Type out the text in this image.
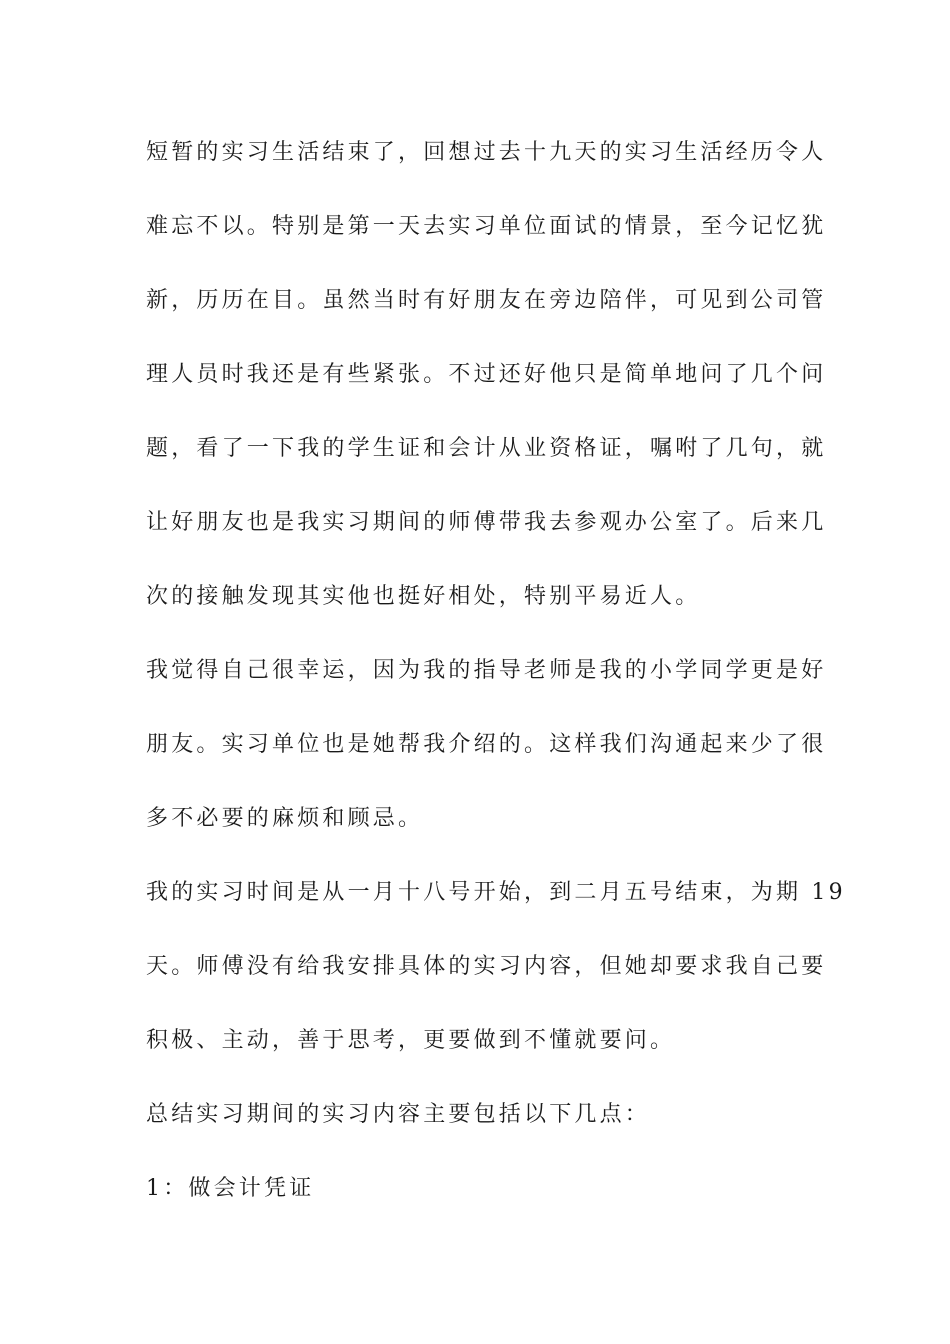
短暂的实习生活结束了，回想过去十九天的实习生活经历令人
难忘不以。特别是第一天去实习单位面试的情景，至今记忆犹
新，历历在目。虽然当时有好朋友在旁边陪伴，可见到公司管
理人员时我还是有些紧张。不过还好他只是简单地问了几个问
题，看了一下我的学生证和会计从业资格证，嘱咐了几句，就
让好朋友也是我实习期间的师傅带我去参观办公室了。后来几
次的接触发现其实他也挺好相处，特别平易近人。
我觉得自己很幸运，因为我的指导老师是我的小学同学更是好
朋友。实习单位也是她帮我介绍的。这样我们沟通起来少了很
多不必要的麻烦和顾忌。
我的实习时间是从一月十八号开始，到二月五号结束，为期 19
天。师傅没有给我安排具体的实习内容，但她却要求我自己要
积极、主动，善于思考，更要做到不懂就要问。
总结实习期间的实习内容主要包括以下几点：
1：做会计凭证
